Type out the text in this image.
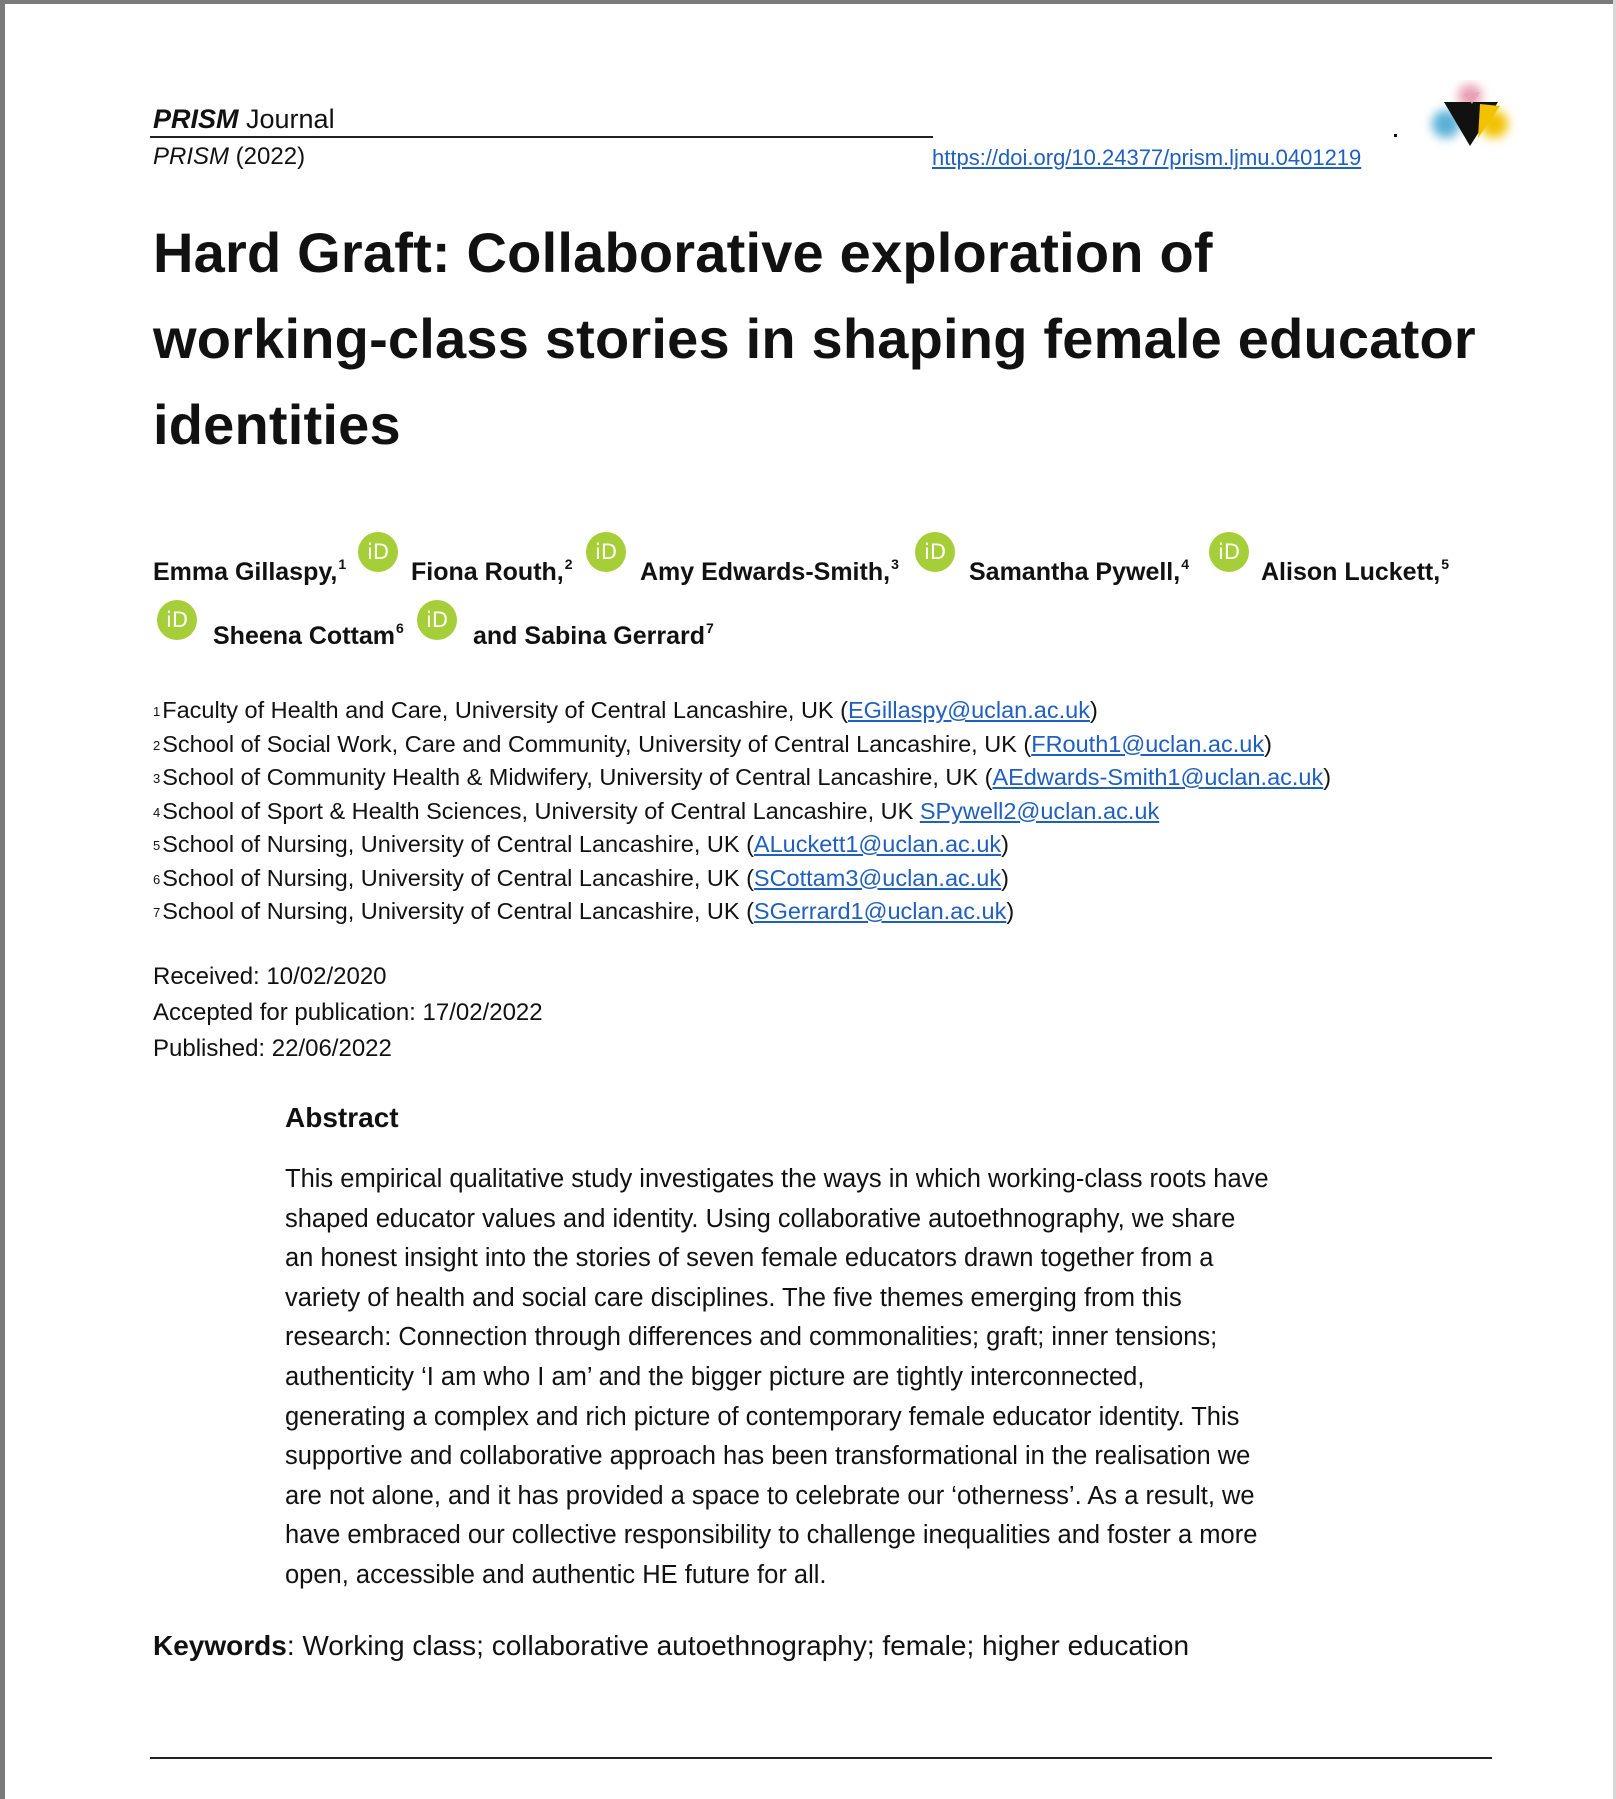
PRISM Journal
PRISM (2022)	https://doi.org/10.24377/prism.ljmu.0401219
Hard Graft: Collaborative exploration of
working-class stories in shaping female educator
identities
Emma Gillaspy,$^1$ iD
Fiona Routh,$^2$	iD
Amy Edwards-Smith,$^3$	iD
Samantha Pywell,$^4$	iD
Alison Luckett,$^5$
iD
Sheena Cottam$^6$	iD
and Sabina Gerrard$^7$
$^1$Faculty of Health and Care, University of Central Lancashire, UK (EGillaspy@uclan.ac.uk)
$^2$School of Social Work, Care and Community, University of Central Lancashire, UK (FRouth1@uclan.ac.uk)
$^3$School of Community Health & Midwifery, University of Central Lancashire, UK (AEdwards-Smith1@uclan.ac.uk)
$^4$School of Sport & Health Sciences, University of Central Lancashire, UK SPywell2@uclan.ac.uk
$^5$School of Nursing, University of Central Lancashire, UK (ALuckett1@uclan.ac.uk)
$^6$School of Nursing, University of Central Lancashire, UK (SCottam3@uclan.ac.uk)
$^7$School of Nursing, University of Central Lancashire, UK (SGerrard1@uclan.ac.uk)
Received: 10/02/2020
Accepted for publication: 17/02/2022
Published: 22/06/2022
Abstract

This empirical qualitative study investigates the ways in which working-class roots have
shaped educator values and identity. Using collaborative autoethnography, we share
an honest insight into the stories of seven female educators drawn together from a
variety of health and social care disciplines. The five themes emerging from this
research: Connection through differences and commonalities; graft; inner tensions;
authenticity ‘I am who I am’ and the bigger picture are tightly interconnected,
generating a complex and rich picture of contemporary female educator identity. This
supportive and collaborative approach has been transformational in the realisation we
are not alone, and it has provided a space to celebrate our ‘otherness’. As a result, we
have embraced our collective responsibility to challenge inequalities and foster a more
open, accessible and authentic HE future for all.

Keywords: Working class; collaborative autoethnography; female; higher education
